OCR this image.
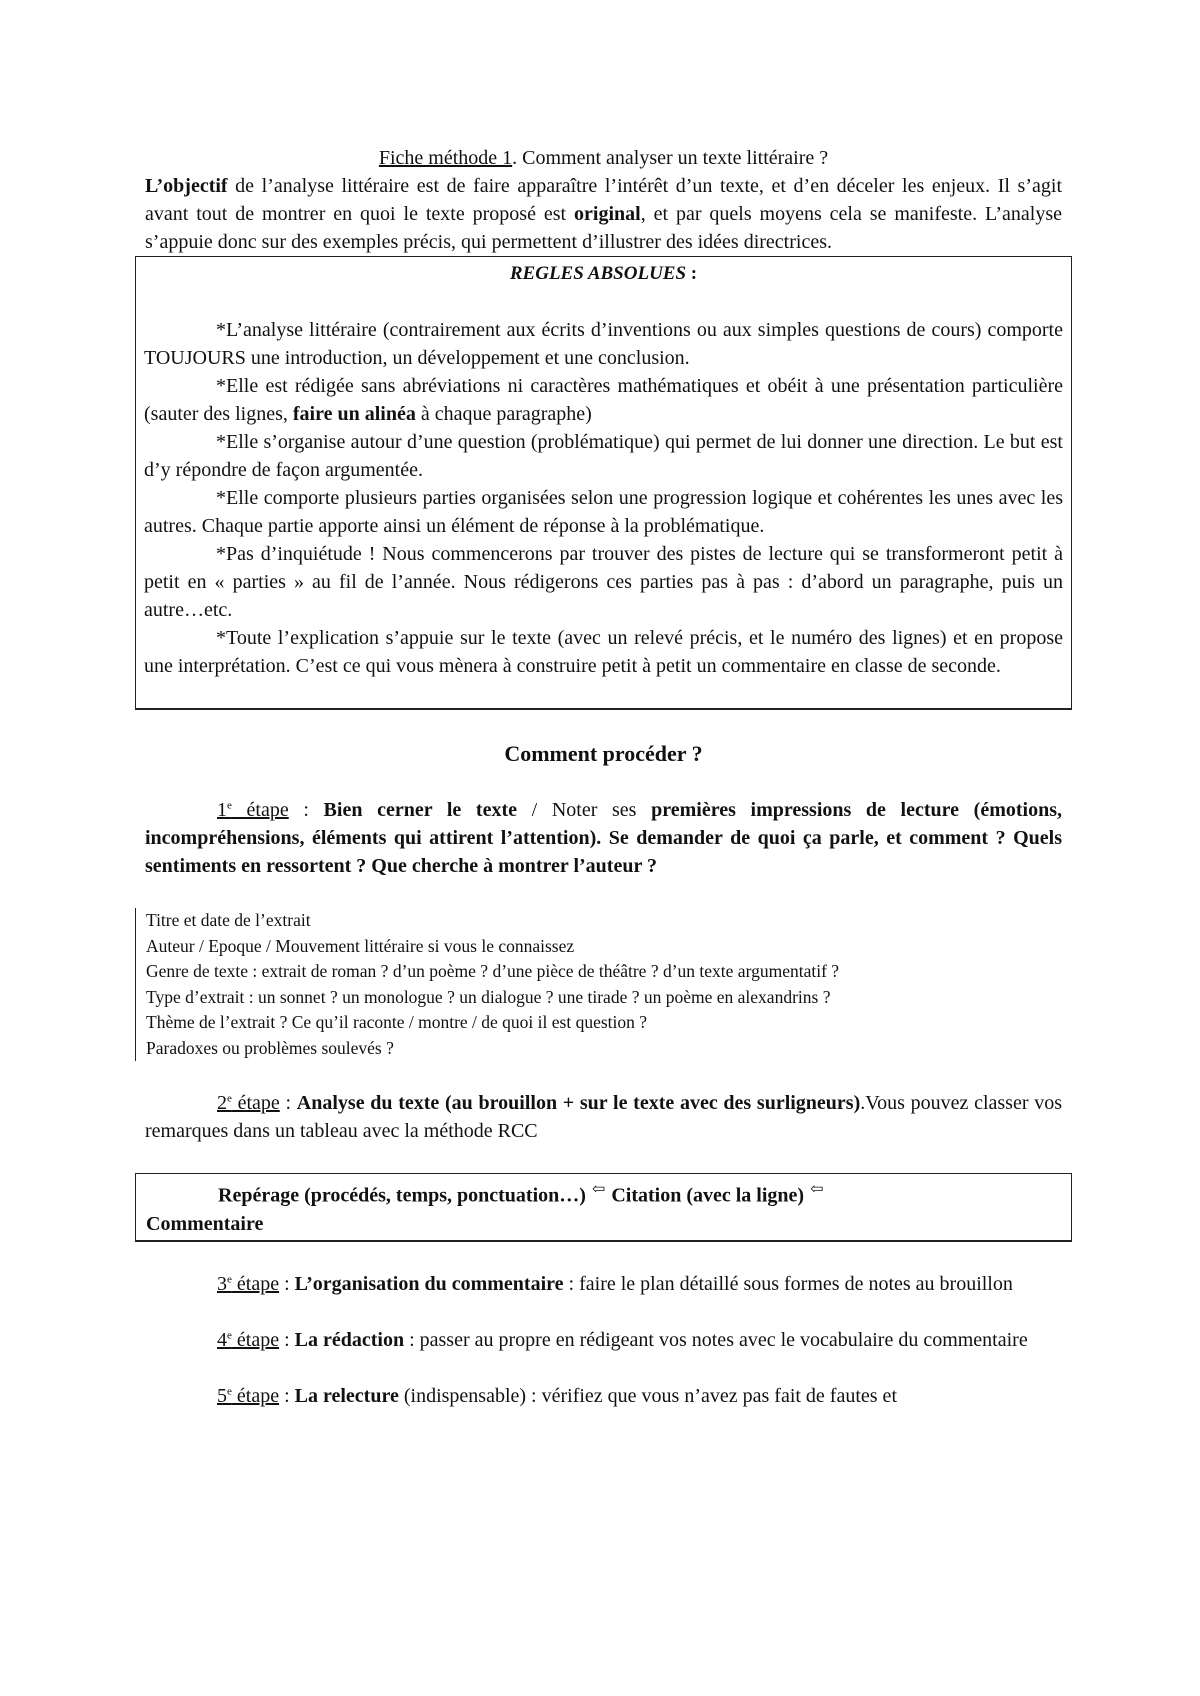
Fiche méthode 1. Comment analyser un texte littéraire ?

L’objectif de l’analyse littéraire est de faire apparaître l’intérêt d’un texte, et d’en déceler les enjeux. Il s’agit avant tout de montrer en quoi le texte proposé est original, et par quels moyens cela se manifeste. L’analyse s’appuie donc sur des exemples précis, qui permettent d’illustrer des idées directrices.

REGLES ABSOLUES :

*L’analyse littéraire (contrairement aux écrits d’inventions ou aux simples questions de cours) comporte TOUJOURS une introduction, un développement et une conclusion.

*Elle est rédigée sans abréviations ni caractères mathématiques et obéit à une présentation particulière (sauter des lignes, faire un alinéa à chaque paragraphe)

*Elle s’organise autour d’une question (problématique) qui permet de lui donner une direction. Le but est d’y répondre de façon argumentée.

*Elle comporte plusieurs parties organisées selon une progression logique et cohérentes les unes avec les autres. Chaque partie apporte ainsi un élément de réponse à la problématique.

*Pas d’inquiétude ! Nous commencerons par trouver des pistes de lecture qui se transformeront petit à petit en « parties » au fil de l’année. Nous rédigerons ces parties pas à pas : d’abord un paragraphe, puis un autre…etc.

*Toute l’explication s’appuie sur le texte (avec un relevé précis, et le numéro des lignes) et en propose une interprétation. C’est ce qui vous mènera à construire petit à petit un commentaire en classe de seconde.

Comment procéder ?

1e étape : Bien cerner le texte / Noter ses premières impressions de lecture (émotions, incompréhensions, éléments qui attirent l’attention). Se demander de quoi ça parle, et comment ? Quels sentiments en ressortent ? Que cherche à montrer l’auteur ?

Titre et date de l’extrait
Auteur / Epoque / Mouvement littéraire si vous le connaissez
Genre de texte : extrait de roman ? d’un poème ? d’une pièce de théâtre ? d’un texte argumentatif ?
Type d’extrait : un sonnet ? un monologue ? un dialogue ? une tirade ? un poème en alexandrins ?
Thème de l’extrait ? Ce qu’il raconte / montre / de quoi il est question ?
Paradoxes ou problèmes soulevés ?

2e étape : Analyse du texte (au brouillon + sur le texte avec des surligneurs).Vous pouvez classer vos remarques dans un tableau avec la méthode RCC

Repérage (procédés, temps, ponctuation…) ⇦ Citation (avec la ligne) ⇦
Commentaire

3e étape : L’organisation du commentaire : faire le plan détaillé sous formes de notes au brouillon

4e étape : La rédaction : passer au propre en rédigeant vos notes avec le vocabulaire du commentaire

5e étape : La relecture (indispensable) : vérifiez que vous n’avez pas fait de fautes et
